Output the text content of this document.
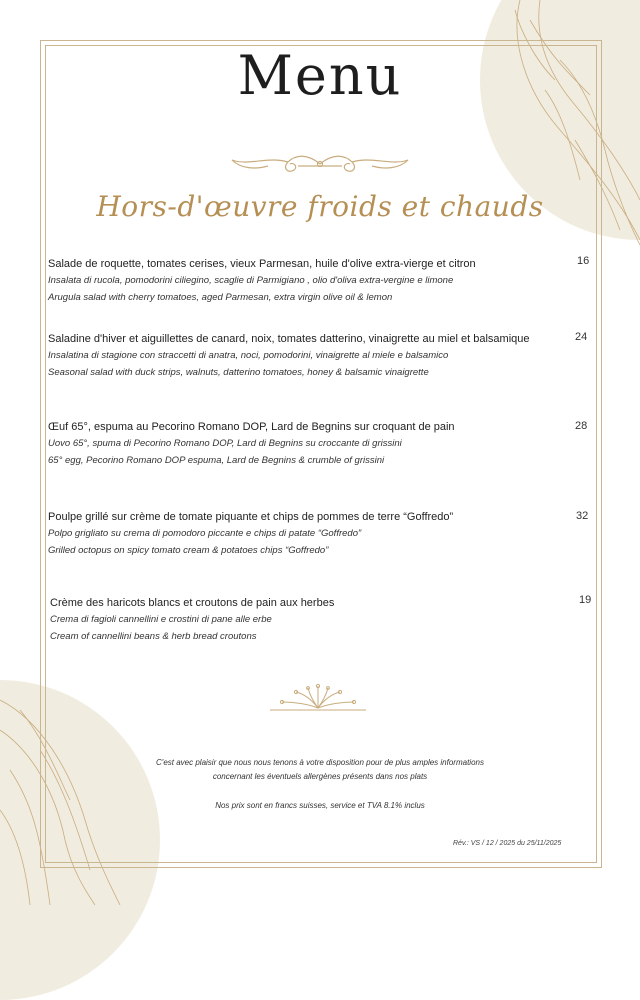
Menu
Hors-d'œuvre froids et chauds
Salade de roquette, tomates cerises, vieux Parmesan, huile d'olive extra-vierge et citron
Insalata di rucola, pomodorini ciliegino, scaglie di Parmigiano , olio d'oliva extra-vergine e limone
Arugula salad with cherry tomatoes, aged Parmesan, extra virgin olive oil & lemon
16
Saladine d'hiver et aiguillettes de canard, noix, tomates datterino, vinaigrette au miel et balsamique
Insalatina di stagione con straccetti di anatra, noci, pomodorini, vinaigrette al miele e balsamico
Seasonal salad with duck strips, walnuts, datterino tomatoes, honey & balsamic vinaigrette
24
Œuf 65°, espuma au Pecorino Romano DOP, Lard de Begnins sur croquant de pain
Uovo 65°, spuma di Pecorino Romano DOP, Lard di Begnins su croccante di grissini
65° egg, Pecorino Romano DOP espuma, Lard de Begnins & crumble of grissini
28
Poulpe grillé sur crème de tomate piquante et chips de pommes de terre “Goffredo”
Polpo grigliato su crema di pomodoro piccante e chips di patate “Goffredo”
Grilled octopus on spicy tomato cream & potatoes chips “Goffredo”
32
Crème des haricots blancs et croutons de pain aux herbes
Crema di fagioli cannellini e crostini di pane alle erbe
Cream of cannellini beans & herb bread croutons
19
C'est avec plaisir que nous nous tenons à votre disposition pour de plus amples informations
concernant les éventuels allergènes présents dans nos plats
Nos prix sont en francs suisses, service et TVA 8.1% inclus
Rév.: VS / 12 / 2025 du 25/11/2025
